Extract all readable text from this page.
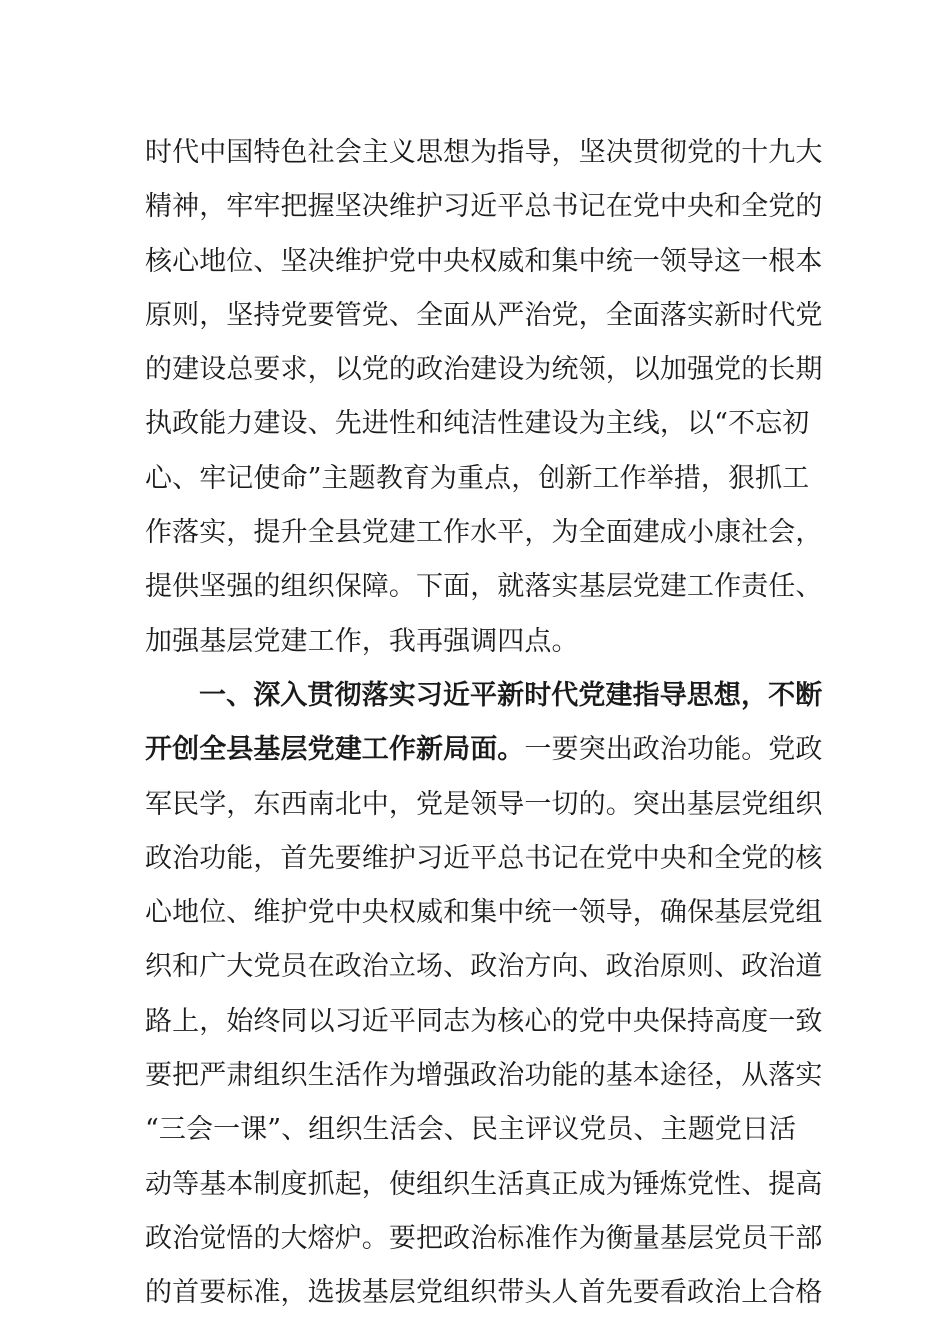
时代中国特色社会主义思想为指导，坚决贯彻党的十九大
精神，牢牢把握坚决维护习近平总书记在党中央和全党的
核心地位、坚决维护党中央权威和集中统一领导这一根本
原则，坚持党要管党、全面从严治党，全面落实新时代党
的建设总要求，以党的政治建设为统领，以加强党的长期
执政能力建设、先进性和纯洁性建设为主线，以“不忘初
心、牢记使命”主题教育为重点，创新工作举措，狠抓工
作落实，提升全县党建工作水平，为全面建成小康社会，
提供坚强的组织保障。下面，就落实基层党建工作责任、
加强基层党建工作，我再强调四点。
一、深入贯彻落实习近平新时代党建指导思想，不断
开创全县基层党建工作新局面。一要突出政治功能。党政
军民学，东西南北中，党是领导一切的。突出基层党组织
政治功能，首先要维护习近平总书记在党中央和全党的核
心地位、维护党中央权威和集中统一领导，确保基层党组
织和广大党员在政治立场、政治方向、政治原则、政治道
路上，始终同以习近平同志为核心的党中央保持高度一致
要把严肃组织生活作为增强政治功能的基本途径，从落实
“三会一课”、组织生活会、民主评议党员、主题党日活
动等基本制度抓起，使组织生活真正成为锤炼党性、提高
政治觉悟的大熔炉。要把政治标准作为衡量基层党员干部
的首要标准，选拔基层党组织带头人首先要看政治上合格
